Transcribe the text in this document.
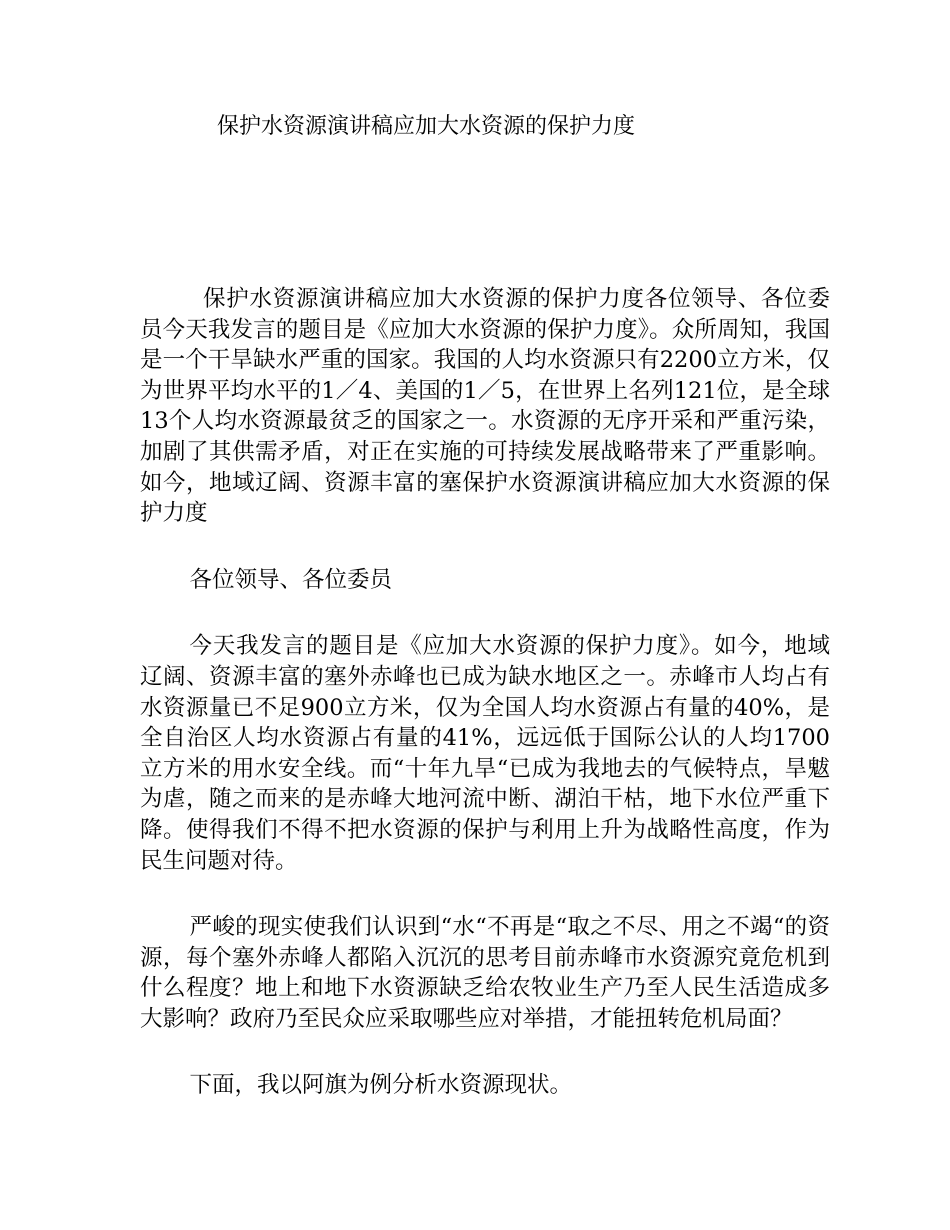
保护水资源演讲稿应加大水资源的保护力度

保护水资源演讲稿应加大水资源的保护力度各位领导、各位委员今天我发言的题目是《应加大水资源的保护力度》。众所周知，我国是一个干旱缺水严重的国家。我国的人均水资源只有2200立方米，仅为世界平均水平的1／4、美国的1／5，在世界上名列121位，是全球13个人均水资源最贫乏的国家之一。水资源的无序开采和严重污染，加剧了其供需矛盾，对正在实施的可持续发展战略带来了严重影响。如今，地域辽阔、资源丰富的塞保护水资源演讲稿应加大水资源的保护力度

各位领导、各位委员

今天我发言的题目是《应加大水资源的保护力度》。如今，地域辽阔、资源丰富的塞外赤峰也已成为缺水地区之一。赤峰市人均占有水资源量已不足900立方米，仅为全国人均水资源占有量的40%，是全自治区人均水资源占有量的41%，远远低于国际公认的人均1700立方米的用水安全线。而“十年九旱“已成为我地去的气候特点，旱魃为虐，随之而来的是赤峰大地河流中断、湖泊干枯，地下水位严重下降。使得我们不得不把水资源的保护与利用上升为战略性高度，作为民生问题对待。

严峻的现实使我们认识到“水“不再是“取之不尽、用之不竭“的资源，每个塞外赤峰人都陷入沉沉的思考目前赤峰市水资源究竟危机到什么程度？地上和地下水资源缺乏给农牧业生产乃至人民生活造成多大影响？政府乃至民众应采取哪些应对举措，才能扭转危机局面？

下面，我以阿旗为例分析水资源现状。
